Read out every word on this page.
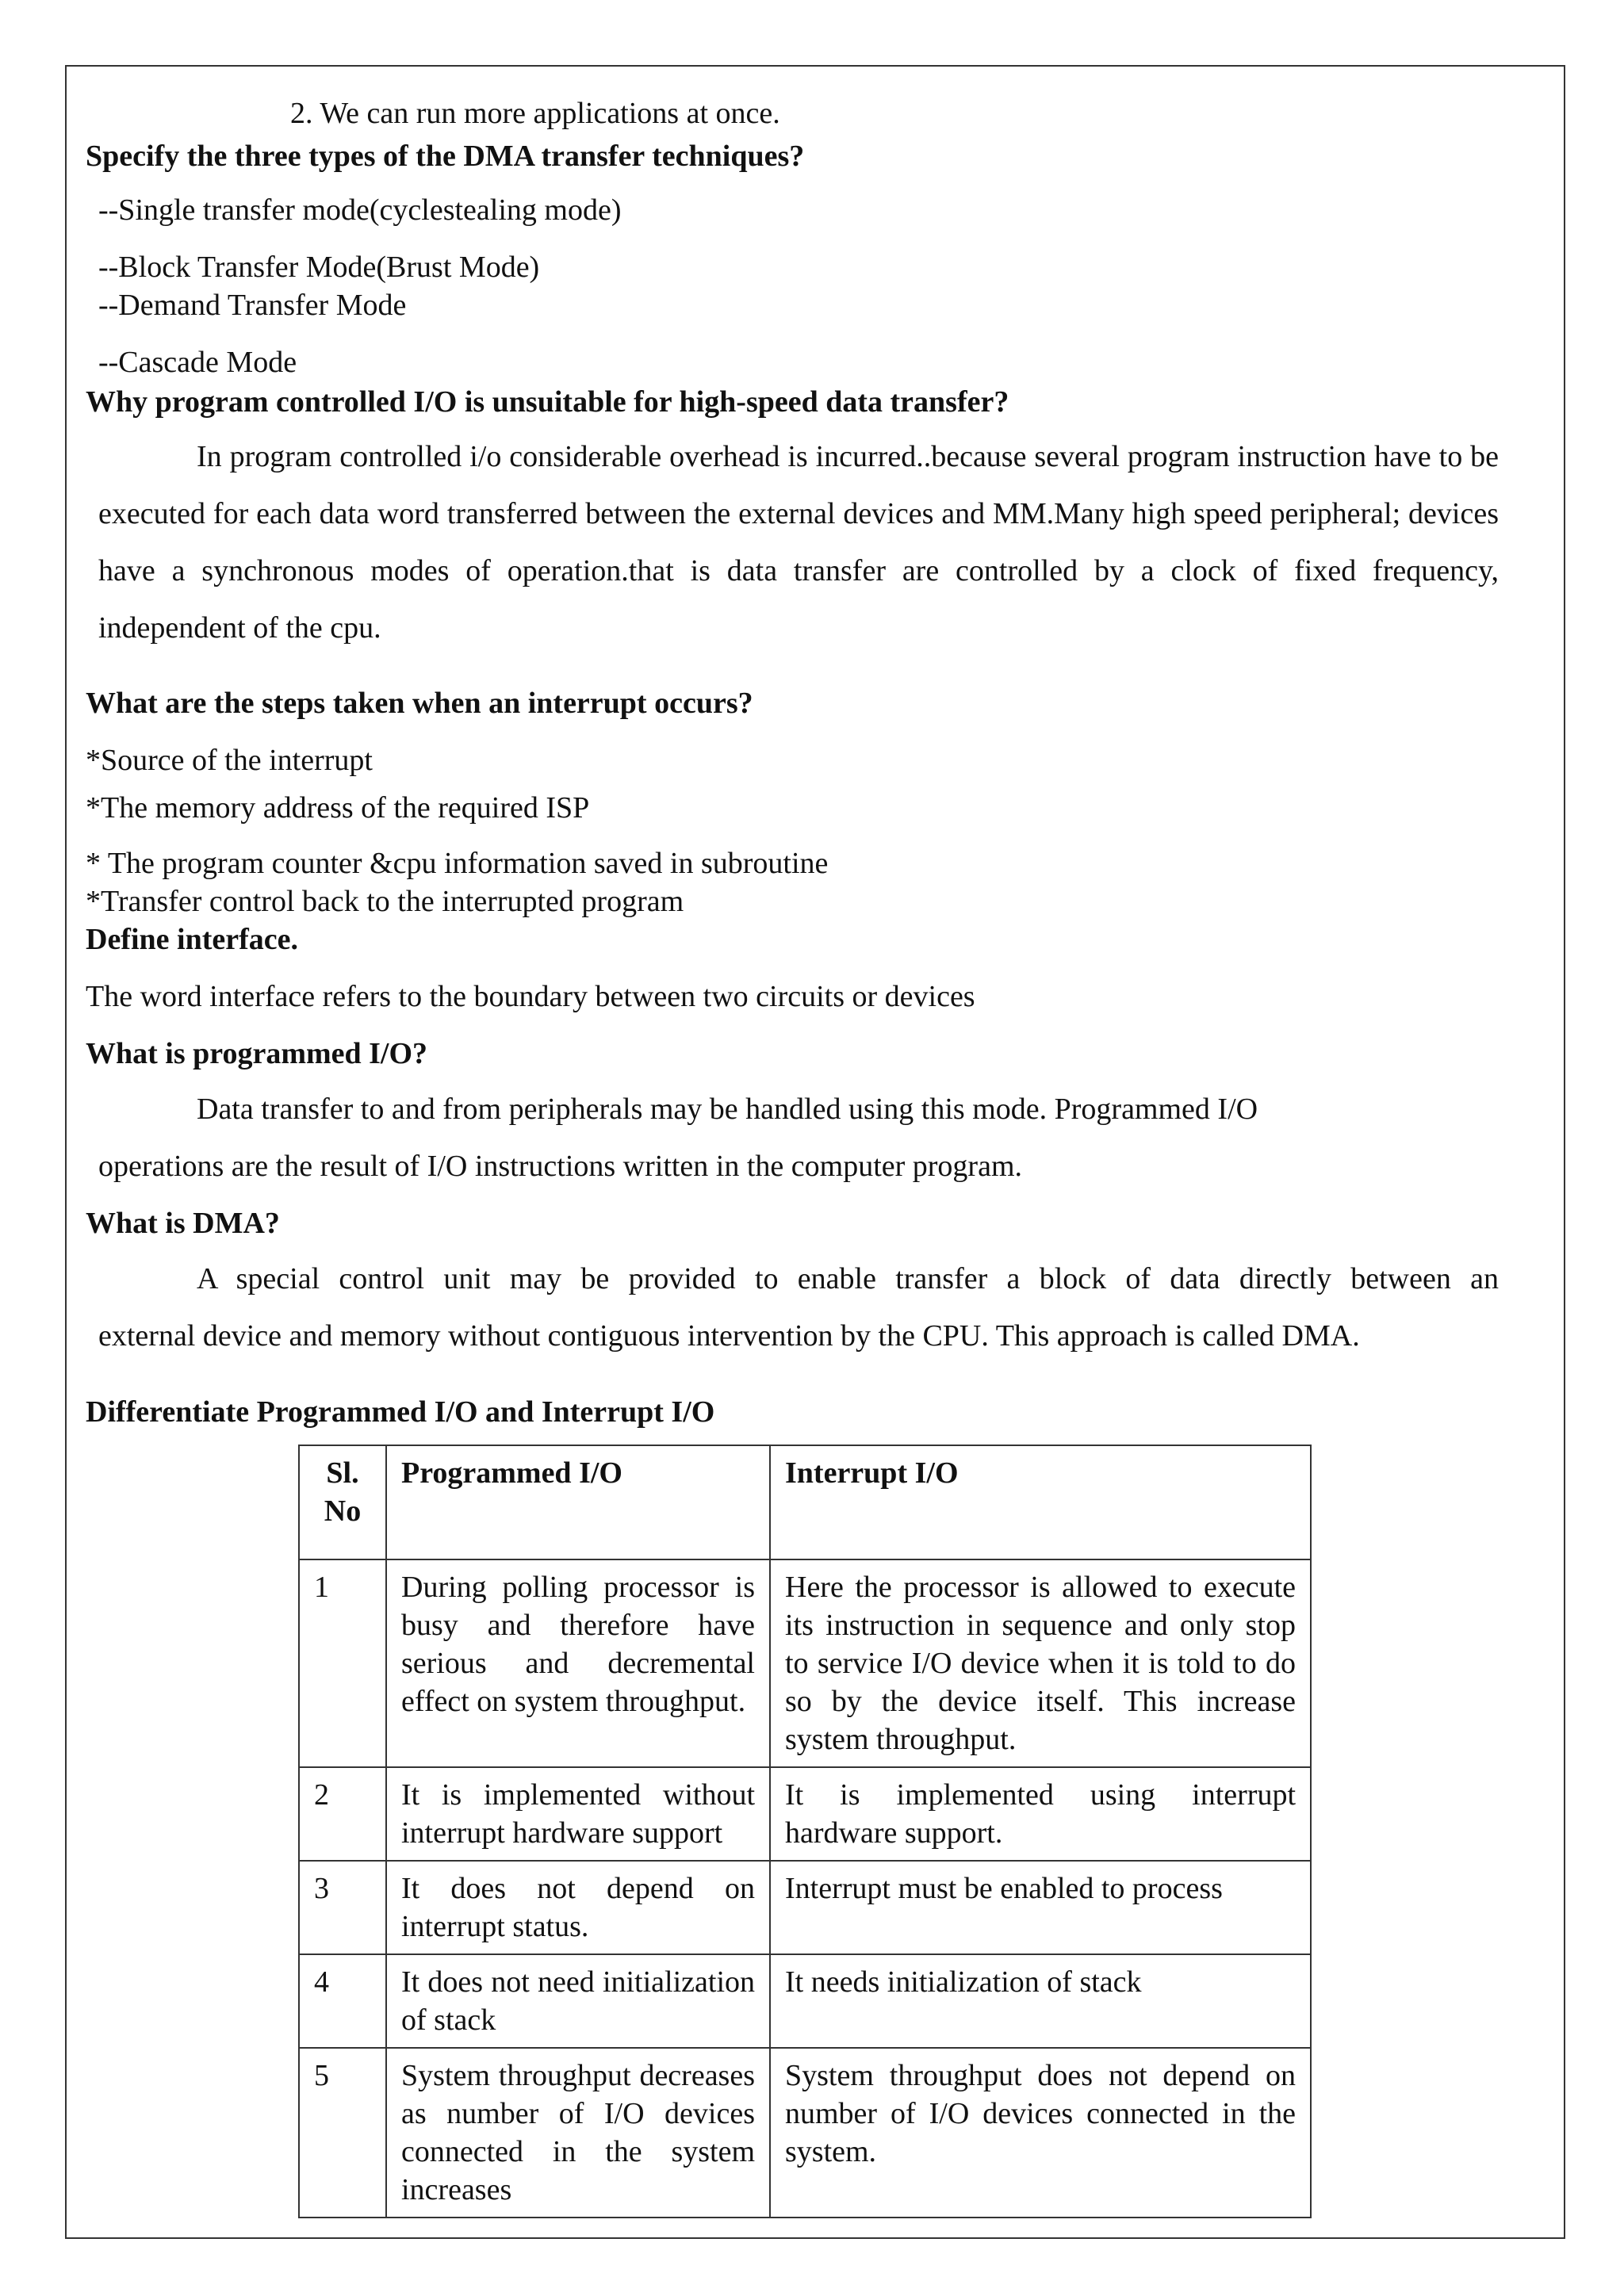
2. We can run more applications at once.
Specify the three types of the DMA transfer techniques?
--Single transfer mode(cyclestealing mode)
--Block Transfer Mode(Brust Mode)
--Demand Transfer Mode
--Cascade Mode
Why program controlled I/O is unsuitable for high-speed data transfer?
In program controlled i/o considerable overhead is incurred..because several program instruction have to be executed for each data word transferred between the external devices and MM.Many high speed peripheral; devices have a synchronous modes of operation.that is data transfer are controlled by a clock of fixed frequency, independent of the cpu.
What are the steps taken when an interrupt occurs?
*Source of the interrupt
*The memory address of the required ISP
* The program counter &cpu information saved in subroutine
*Transfer control back to the interrupted program
Define interface.
The word interface refers to the boundary between two circuits or devices
What is programmed I/O?
Data transfer to and from peripherals may be handled using this mode. Programmed I/O
operations are the result of I/O instructions written in the computer program.
What is DMA?
A special control unit may be provided to enable transfer a block of data directly between an
external device and memory without contiguous intervention by the CPU. This approach is called DMA.
Differentiate Programmed I/O and Interrupt I/O
Sl. No	Programmed I/O	Interrupt I/O
1	During polling processor is busy and therefore have serious and decremental effect on system throughput.	Here the processor is allowed to execute its instruction in sequence and only stop to service I/O device when it is told to do so by the device itself. This increase system throughput.
2	It is implemented without interrupt hardware support	It is implemented using interrupt hardware support.
3	It does not depend on interrupt status.	Interrupt must be enabled to process
4	It does not need initialization of stack	It needs initialization of stack
5	System throughput decreases as number of I/O devices connected in the system increases	System throughput does not depend on number of I/O devices connected in the system.
